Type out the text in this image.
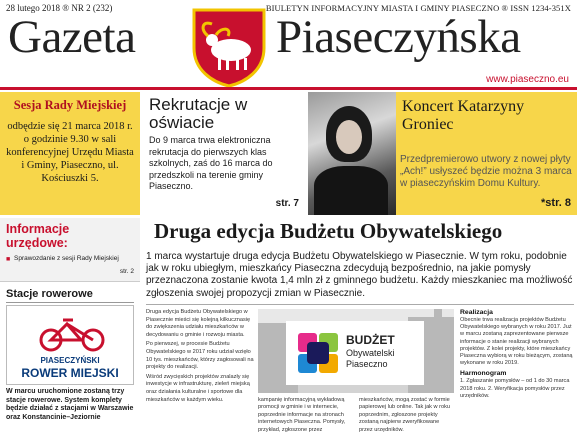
28 lutego 2018 ® NR 2 (232)	BIULETYN INFORMACYJNY MIASTA I GMINY PIASECZNO ® ISSN 1234-351X
Gazeta	Piaseczyńska
www.piaseczno.eu
Sesja Rady Miejskiej

odbędzie się 21 marca 2018 r. o godzinie 9.30 w sali konferencyjnej Urzędu Miasta i Gminy, Piaseczno, ul. Kościuszki 5.

Rekrutacje w oświacie

Do 9 marca trwa elektroniczna rekrutacja do pierwszych klas szkolnych, zaś do 16 marca do przedszkoli na terenie gminy Piaseczno.

str. 7
Koncert Katarzyny Groniec

Przedpremierowo utwory z nowej płyty „Ach!” usłyszeć będzie można 3 marca w piaseczyńskim Domu Kultury.

*str. 8
Informacje urzędowe:
■ Sprawozdanie z sesji Rady Miejskiej
str. 2
Stacje rowerowe
PIASECZYŃSKI
ROWER MIEJSKI
W marcu uruchomione zostaną trzy stacje rowerowe. System komplety będzie działać z stacjami w Warszawie oraz Konstancinie–Jeziornie
Druga edycja Budżetu Obywatelskiego
1 marca wystartuje druga edycja Budżetu Obywatelskiego w Piasecznie. W tym roku, podobnie jak w roku ubiegłym, mieszkańcy Piaseczna zdecydują bezpośrednio, na jakie pomysły przeznaczona zostanie kwota 1,4 mln zł z gminnego budżetu. Każdy mieszkaniec ma możliwość zgłoszenia swojej propozycji zmian w Piasecznie.

Druga edycja Budżetu Obywatelskiego w Piasecznie mieści się kolejną kilkucznasię do zwiększenia udziału mieszkańców w decydowaniu o gminie i rozwoju miasta.

Po pierwszej, w procesie Budżetu Obywatelskiego w 2017 roku udział wzięło 10 tys. mieszkańców, którzy zagłosowali na projekty do realizacji.

Wśród zwycięskich projektów znalazły się inwestycje w infrastrukturę, zieleń miejską oraz działania kulturalne i sportowe dla mieszkańców w każdym wieku.

BUDŻET
Obywatelski
Piaseczno
kampanię informacyjną wykładową promocji w gminie i w internecie, poprzednie informacje na stronach internetowych Piaseczna. Pomysły, przykład, zgłoszone przez mieszkańców, mogą zostać w formie papierowej lub online. Tak jak w roku poprzednim, zgłoszone projekty zostaną najpierw zweryfikowane przez urzędników.
Realizacja

Obecnie trwa realizacja projektów Budżetu Obywatelskiego wybranych w roku 2017. Już w marcu zostaną zaprezentowane pierwsze informacje o stanie realizacji wybranych projektów. Z kolei projekty, które mieszkańcy Piaseczna wybiorą w roku bieżącym, zostaną wykonane w roku 2019.

Harmonogram

1. Zgłaszanie pomysłów – od 1 do 30 marca 2018 roku. 2. Weryfikacja pomysłów przez urzędników.
